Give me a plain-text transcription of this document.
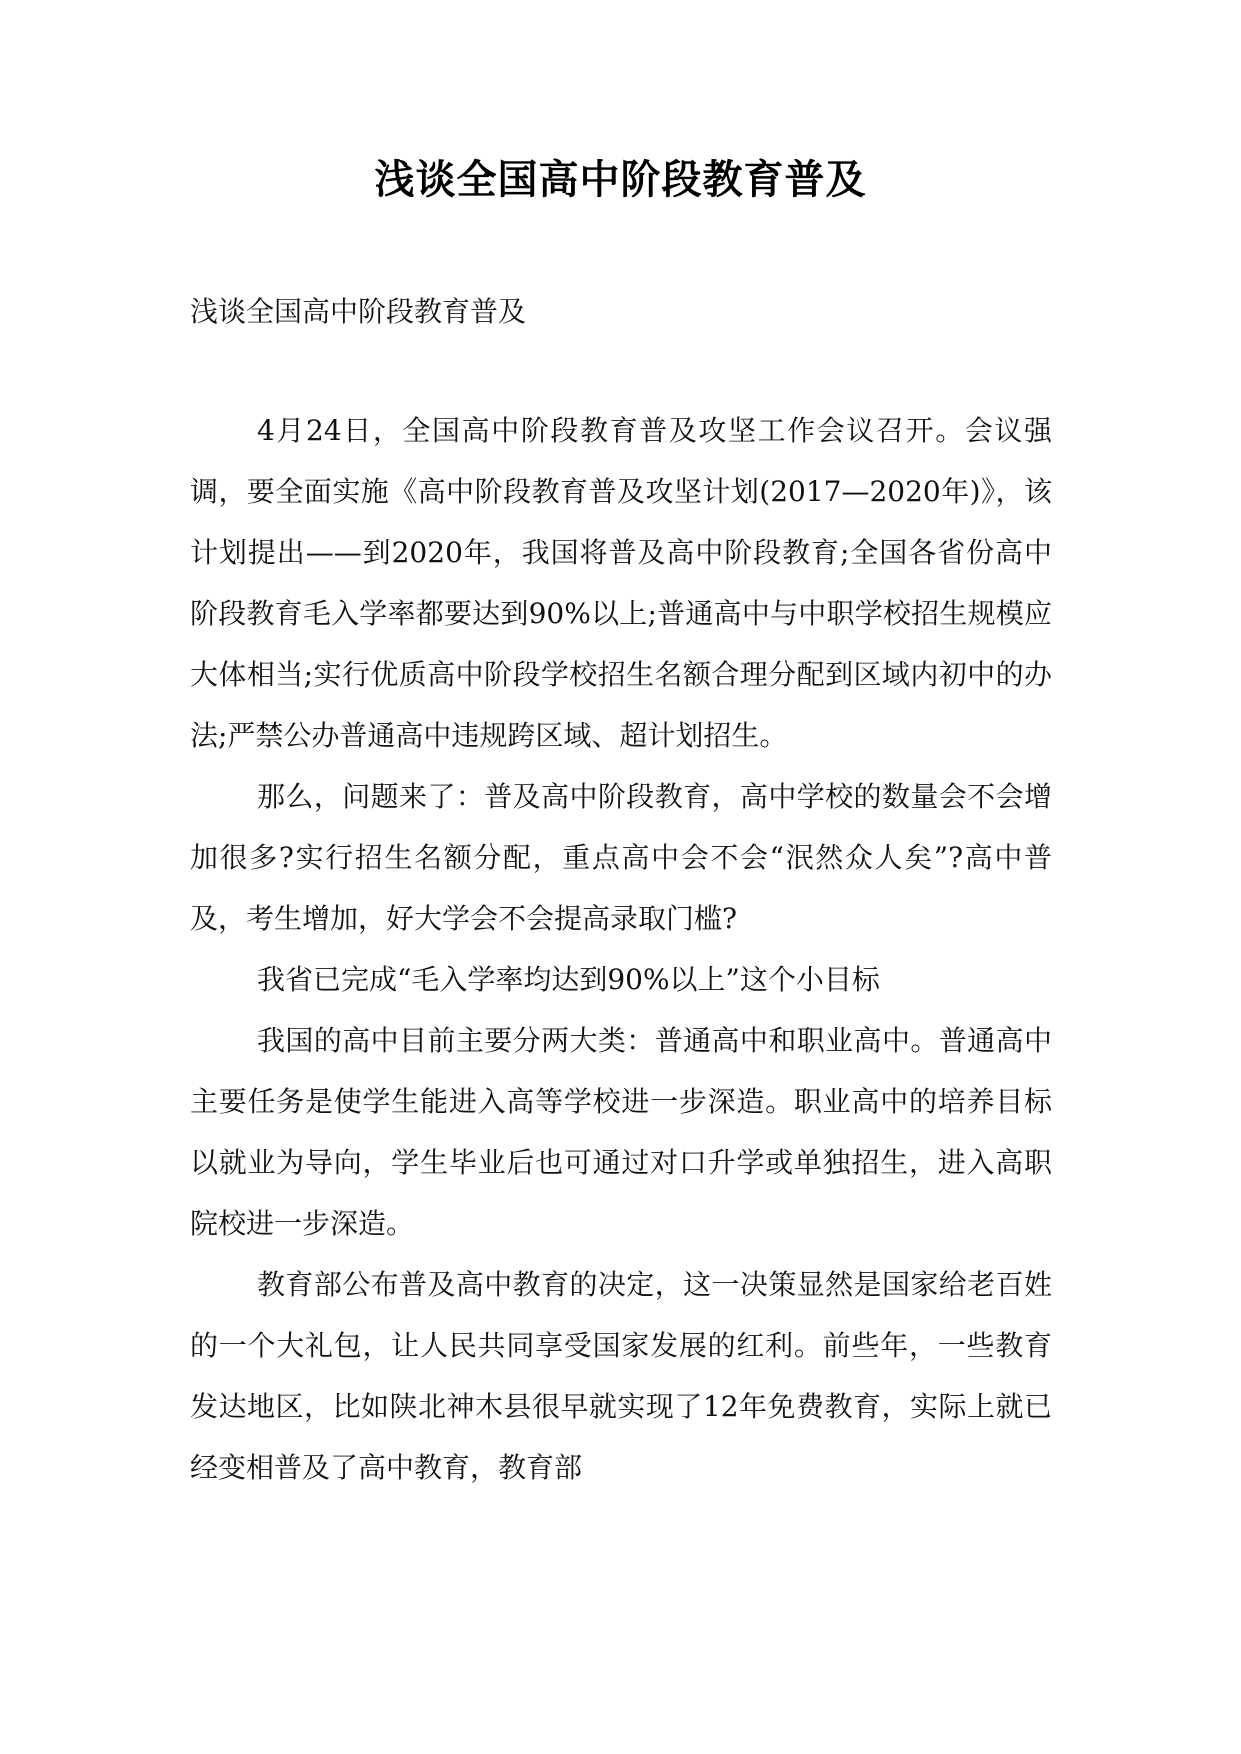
浅谈全国高中阶段教育普及
浅谈全国高中阶段教育普及

4月24日，全国高中阶段教育普及攻坚工作会议召开。会议强调，要全面实施《高中阶段教育普及攻坚计划(2017—2020年)》，该计划提出——到2020年，我国将普及高中阶段教育;全国各省份高中阶段教育毛入学率都要达到90%以上;普通高中与中职学校招生规模应大体相当;实行优质高中阶段学校招生名额合理分配到区域内初中的办法;严禁公办普通高中违规跨区域、超计划招生。

那么，问题来了：普及高中阶段教育，高中学校的数量会不会增加很多?实行招生名额分配，重点高中会不会“泯然众人矣”?高中普及，考生增加，好大学会不会提高录取门槛?

我省已完成“毛入学率均达到90%以上”这个小目标

我国的高中目前主要分两大类：普通高中和职业高中。普通高中主要任务是使学生能进入高等学校进一步深造。职业高中的培养目标以就业为导向，学生毕业后也可通过对口升学或单独招生，进入高职院校进一步深造。

教育部公布普及高中教育的决定，这一决策显然是国家给老百姓的一个大礼包，让人民共同享受国家发展的红利。前些年，一些教育发达地区，比如陕北神木县很早就实现了12年免费教育，实际上就已经变相普及了高中教育，教育部
